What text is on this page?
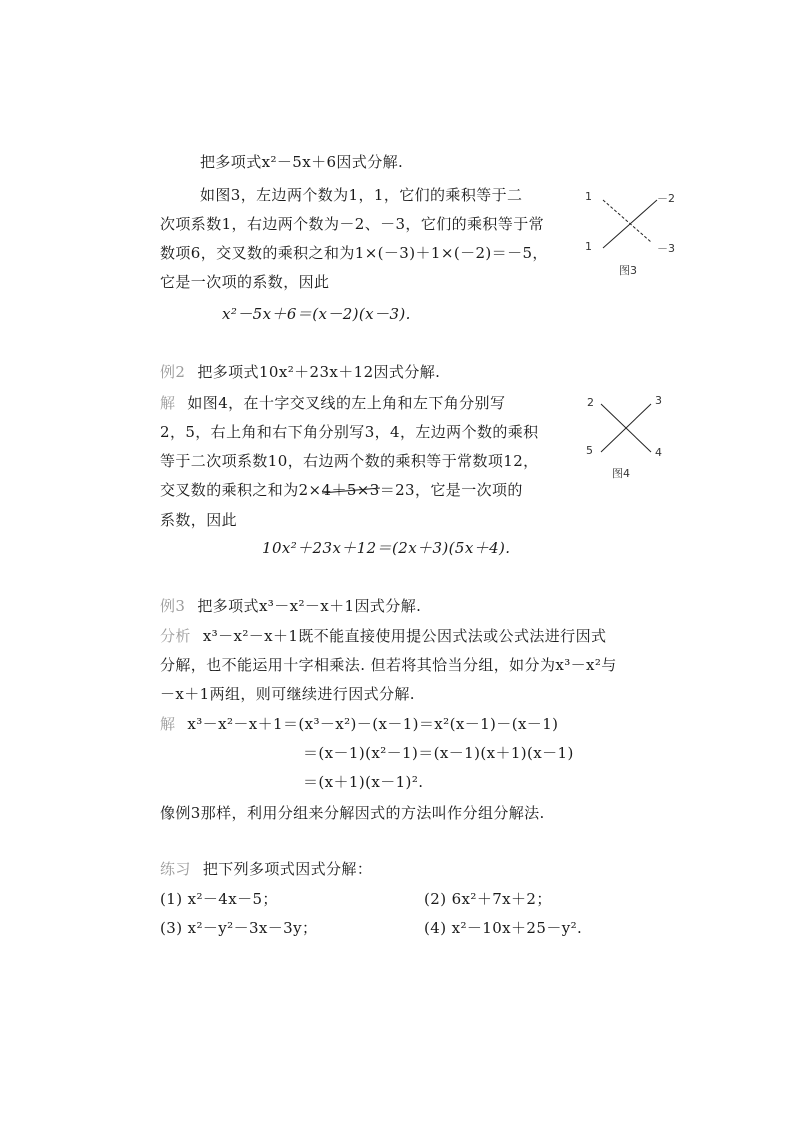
把多项式x²－5x＋6因式分解.
如图3，左边两个数为1，1，它们的乘积等于二
次项系数1，右边两个数为－2、－3，它们的乘积等于常
数项6，交叉数的乘积之和为1×(－3)＋1×(－2)＝－5，
它是一次项的系数，因此
x²－5x＋6＝(x－2)(x－3).
1	－2
1	－3
图3
例2 把多项式10x²＋23x＋12因式分解.
解 如图4，在十字交叉线的左上角和左下角分别写
2，5，右上角和右下角分别写3，4，左边两个数的乘积
等于二次项系数10，右边两个数的乘积等于常数项12，
交叉数的乘积之和为2×4＋5×3
＝23，它是一次项的
系数，因此
10x²＋23x＋12＝(2x＋3)(5x＋4).
2	3
5	4
图4
例3 把多项式x³－x²－x＋1因式分解.
分析 x³－x²－x＋1既不能直接使用提公因式法或公式法进行因式
分解，也不能运用十字相乘法. 但若将其恰当分组，如分为x³－x²与
－x＋1两组，则可继续进行因式分解.
解 x³－x²－x＋1＝(x³－x²)－(x－1)＝x²(x－1)－(x－1)
＝(x－1)(x²－1)＝(x－1)(x＋1)(x－1)
＝(x＋1)(x－1)².
像例3那样，利用分组来分解因式的方法叫作分组分解法.
练习 把下列多项式因式分解：
(1) x²－4x－5；	(2) 6x²＋7x＋2；
(3) x²－y²－3x－3y；	(4) x²－10x＋25－y².
